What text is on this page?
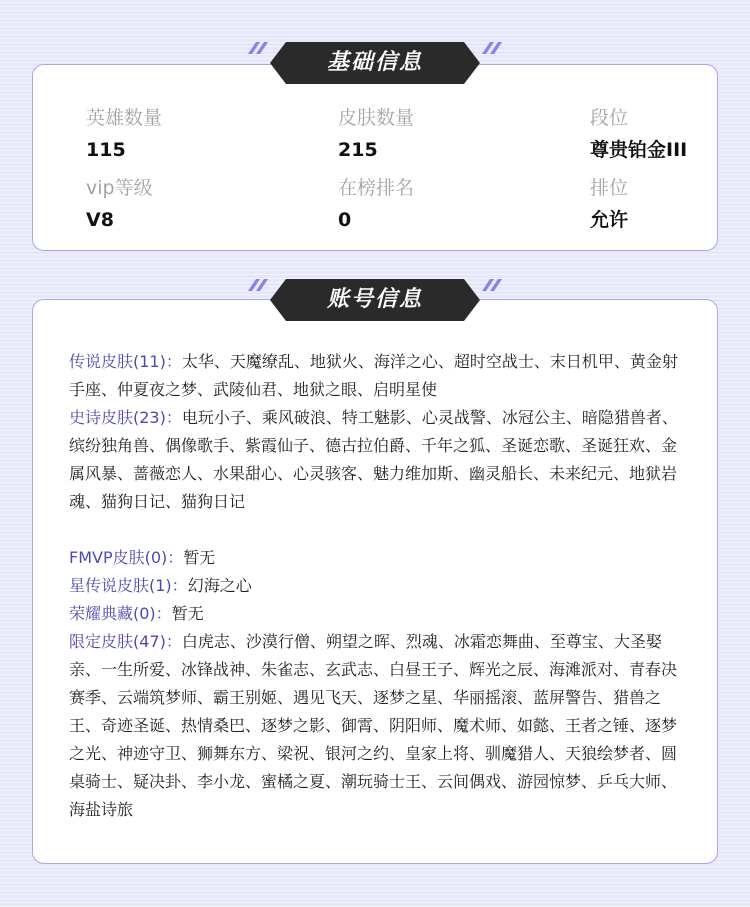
英雄数量
115
皮肤数量
215
段位
尊贵铂金III
vip等级
V8
在榜排名
0
排位
允许
基础信息
传说皮肤(11)：太华、天魔缭乱、地狱火、海洋之心、超时空战士、末日机甲、黄金射手座、仲夏夜之梦、武陵仙君、地狱之眼、启明星使
史诗皮肤(23)：电玩小子、乘风破浪、特工魅影、心灵战警、冰冠公主、暗隐猎兽者、缤纷独角兽、偶像歌手、紫霞仙子、德古拉伯爵、千年之狐、圣诞恋歌、圣诞狂欢、金属风暴、蔷薇恋人、水果甜心、心灵骇客、魅力维加斯、幽灵船长、未来纪元、地狱岩魂、猫狗日记、猫狗日记
FMVP皮肤(0)：暂无
星传说皮肤(1)：幻海之心
荣耀典藏(0)：暂无
限定皮肤(47)：白虎志、沙漠行僧、朔望之晖、烈魂、冰霜恋舞曲、至尊宝、大圣娶亲、一生所爱、冰锋战神、朱雀志、玄武志、白昼王子、辉光之辰、海滩派对、青春决赛季、云端筑梦师、霸王别姬、遇见飞天、逐梦之星、华丽摇滚、蓝屏警告、猎兽之王、奇迹圣诞、热情桑巴、逐梦之影、御霄、阴阳师、魔术师、如懿、王者之锤、逐梦之光、神迹守卫、狮舞东方、梁祝、银河之约、皇家上将、驯魔猎人、天狼绘梦者、圆桌骑士、疑决卦、李小龙、蜜橘之夏、潮玩骑士王、云间偶戏、游园惊梦、乒乓大师、海盐诗旅
账号信息
